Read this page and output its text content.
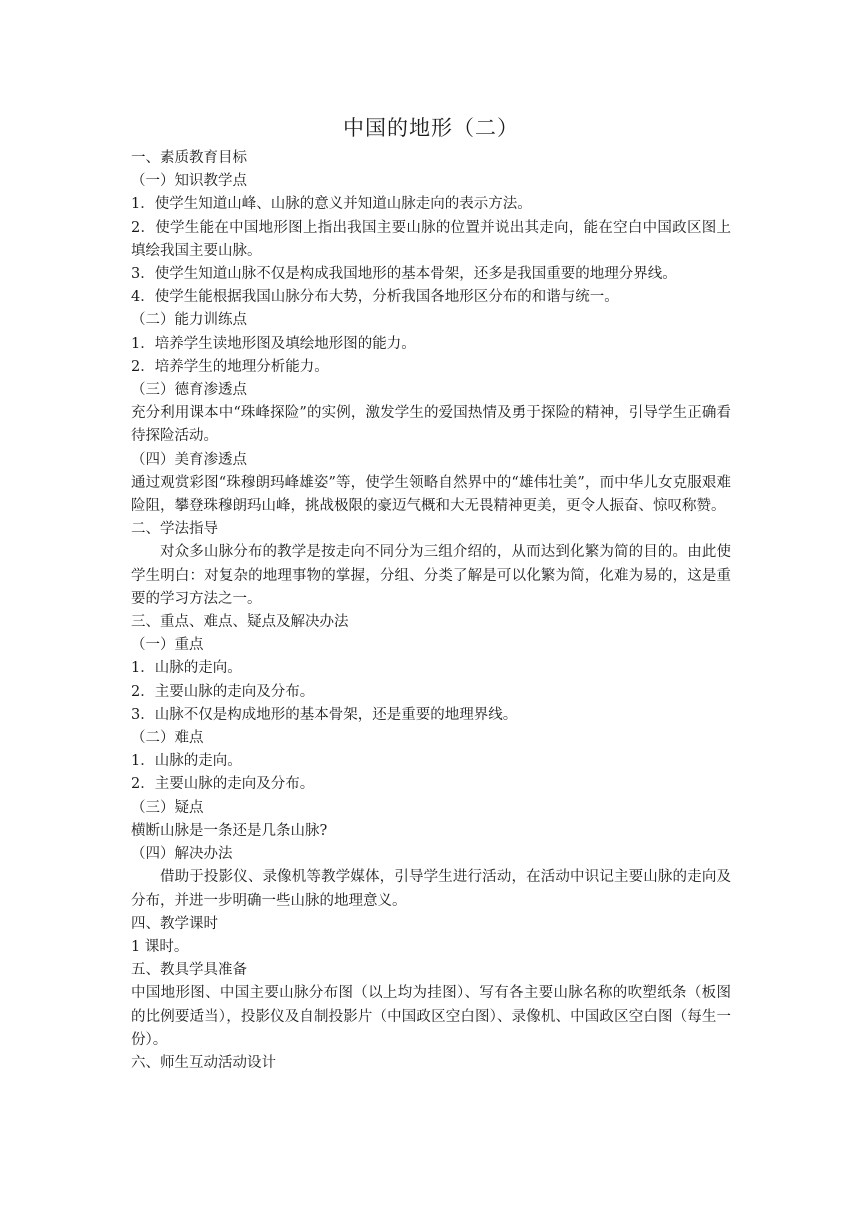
中国的地形（二）

一、素质教育目标

（一）知识教学点

1．使学生知道山峰、山脉的意义并知道山脉走向的表示方法。

2．使学生能在中国地形图上指出我国主要山脉的位置并说出其走向，能在空白中国政区图上填绘我国主要山脉。

3．使学生知道山脉不仅是构成我国地形的基本骨架，还多是我国重要的地理分界线。

4．使学生能根据我国山脉分布大势，分析我国各地形区分布的和谐与统一。

（二）能力训练点

1．培养学生读地形图及填绘地形图的能力。

2．培养学生的地理分析能力。

（三）德育渗透点

充分利用课本中“珠峰探险”的实例，激发学生的爱国热情及勇于探险的精神，引导学生正确看待探险活动。

（四）美育渗透点

通过观赏彩图“珠穆朗玛峰雄姿”等，使学生领略自然界中的“雄伟壮美”，而中华儿女克服艰难险阻，攀登珠穆朗玛山峰，挑战极限的豪迈气概和大无畏精神更美，更令人振奋、惊叹称赞。

二、学法指导

对众多山脉分布的教学是按走向不同分为三组介绍的，从而达到化繁为简的目的。由此使学生明白：对复杂的地理事物的掌握，分组、分类了解是可以化繁为简，化难为易的，这是重要的学习方法之一。

三、重点、难点、疑点及解决办法

（一）重点

1．山脉的走向。

2．主要山脉的走向及分布。

3．山脉不仅是构成地形的基本骨架，还是重要的地理界线。

（二）难点

1．山脉的走向。

2．主要山脉的走向及分布。

（三）疑点

横断山脉是一条还是几条山脉?

（四）解决办法

借助于投影仪、录像机等教学媒体，引导学生进行活动，在活动中识记主要山脉的走向及分布，并进一步明确一些山脉的地理意义。

四、教学课时

1 课时。

五、教具学具准备

中国地形图、中国主要山脉分布图（以上均为挂图）、写有各主要山脉名称的吹塑纸条（板图的比例要适当），投影仪及自制投影片（中国政区空白图）、录像机、中国政区空白图（每生一份）。

六、师生互动活动设计
